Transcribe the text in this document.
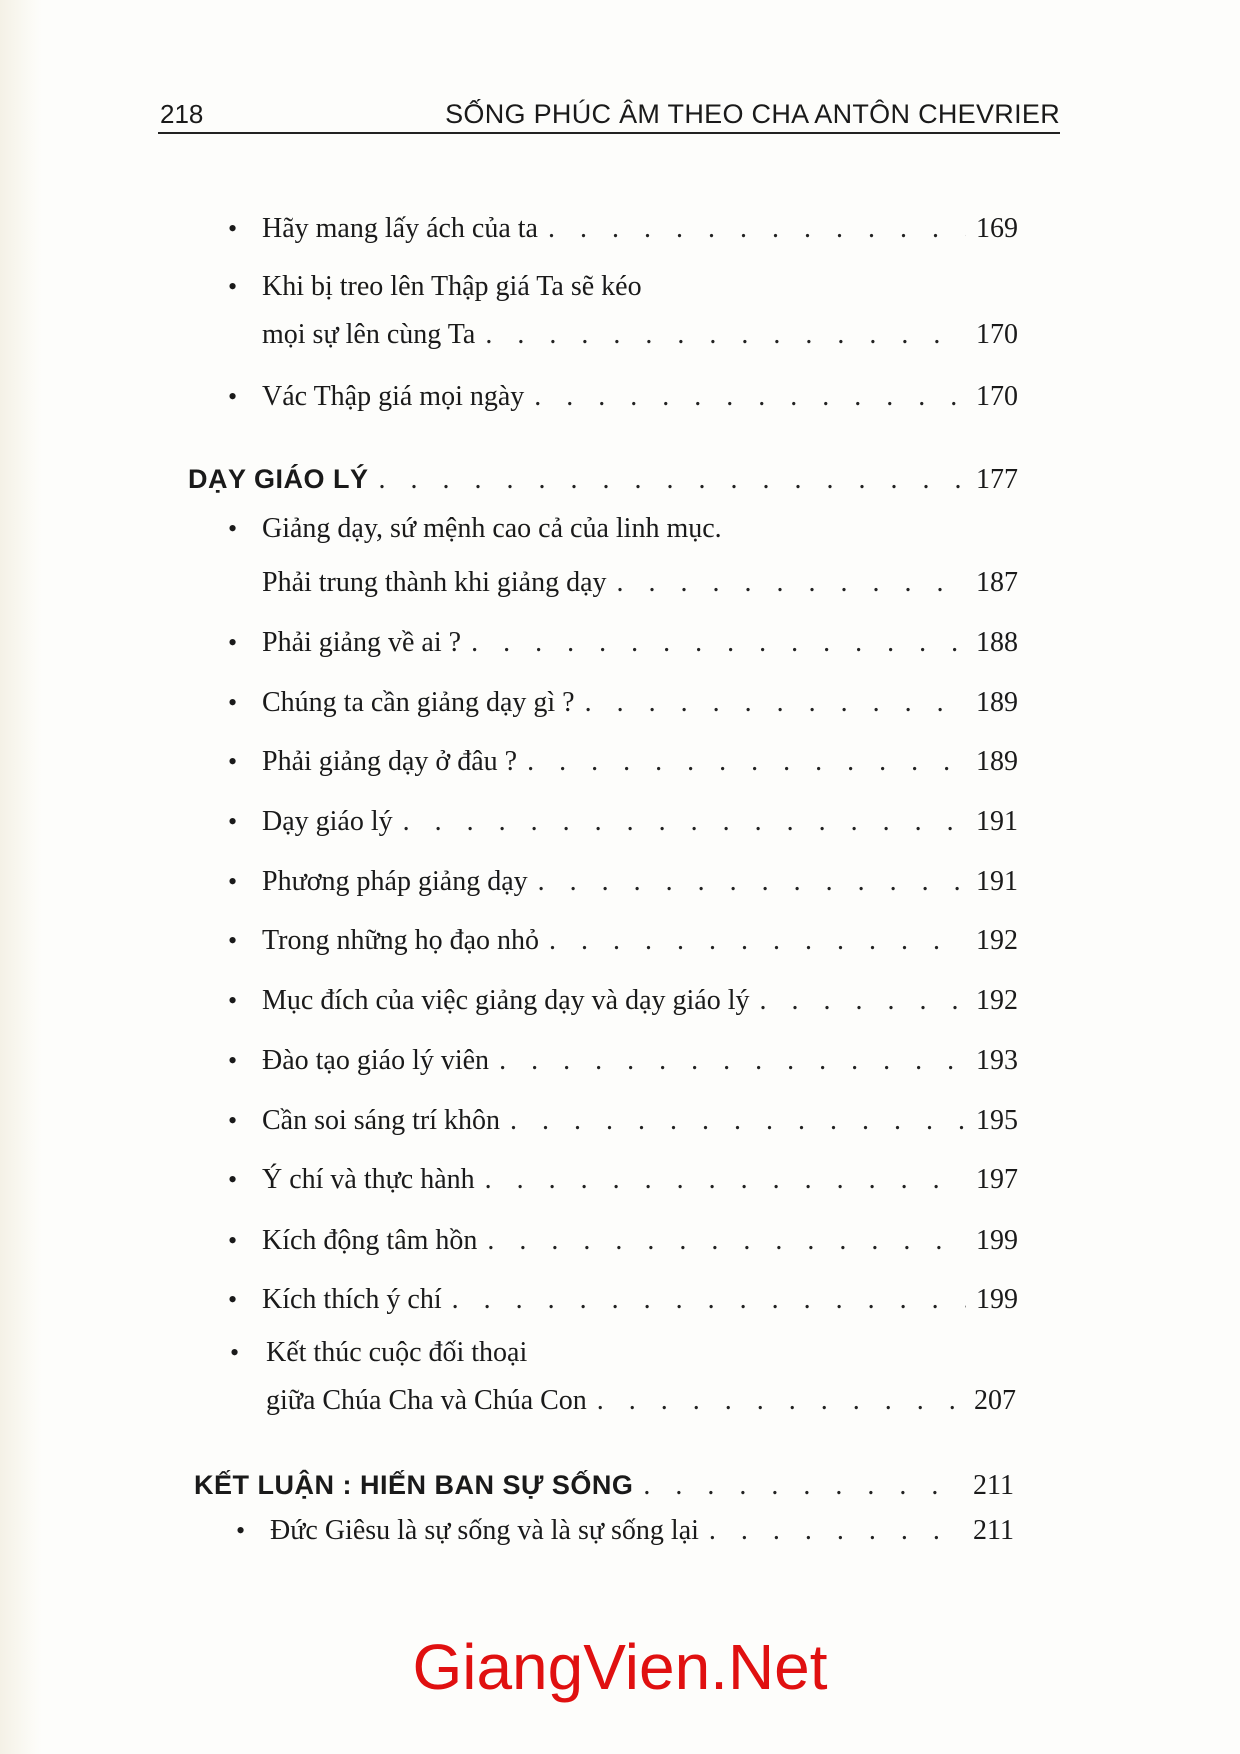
218	SỐNG PHÚC ÂM THEO CHA ANTÔN CHEVRIER
• Hãy mang lấy ách của ta . . .	169
Khi bị treo lên Thập giá Ta sẽ kéo
•
mọi sự lên cùng Ta . . .	170
• Vác Thập giá mọi ngày . . .	170
DẠY GIÁO LÝ . . .	177
• Giảng dạy, sứ mệnh cao cả của linh mục.
Phải trung thành khi giảng dạy . . .	187
• Phải giảng về ai ? . . .	188
• Chúng ta cần giảng dạy gì ? . . .	189
• Phải giảng dạy ở đâu ? . . .	189
• Dạy giáo lý . . .	191
• Phương pháp giảng dạy . . .	191
• Trong những họ đạo nhỏ . . .	192
• Mục đích của việc giảng dạy và dạy giáo lý . . .	192
• Đào tạo giáo lý viên . . .	193
• Cần soi sáng trí khôn . . .	195
• Ý chí và thực hành . . .	197
• Kích động tâm hồn . . .	199
• Kích thích ý chí . . .	199
• Kết thúc cuộc đối thoại
giữa Chúa Cha và Chúa Con . . .	207
KẾT LUẬN : HIẾN BAN SỰ SỐNG . . .	211
• Đức Giêsu là sự sống và là sự sống lại . . .	211
GiangVien.Net
